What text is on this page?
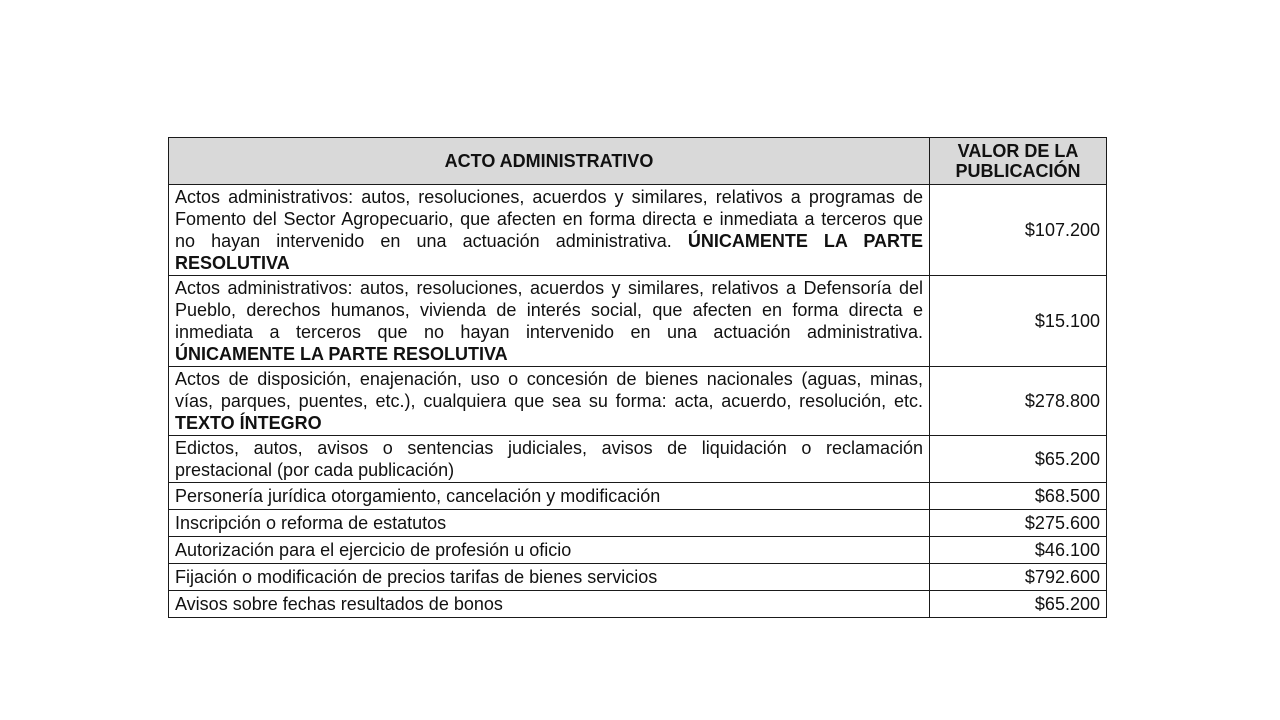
ACTO ADMINISTRATIVO	VALOR DE LA
PUBLICACIÓN
Actos administrativos: autos, resoluciones, acuerdos y similares, relativos a programas de Fomento del Sector Agropecuario, que afecten en forma directa e inmediata a terceros que no hayan intervenido en una actuación administrativa. ÚNICAMENTE LA PARTE RESOLUTIVA	$107.200
Actos administrativos: autos, resoluciones, acuerdos y similares, relativos a Defensoría del Pueblo, derechos humanos, vivienda de interés social, que afecten en forma directa e inmediata a terceros que no hayan intervenido en una actuación administrativa. ÚNICAMENTE LA PARTE RESOLUTIVA	$15.100
Actos de disposición, enajenación, uso o concesión de bienes nacionales (aguas, minas, vías, parques, puentes, etc.), cualquiera que sea su forma: acta, acuerdo, resolución, etc. TEXTO ÍNTEGRO	$278.800
Edictos, autos, avisos o sentencias judiciales, avisos de liquidación o reclamación prestacional (por cada publicación)	$65.200
Personería jurídica otorgamiento, cancelación y modificación	$68.500
Inscripción o reforma de estatutos	$275.600
Autorización para el ejercicio de profesión u oficio	$46.100
Fijación o modificación de precios tarifas de bienes servicios	$792.600
Avisos sobre fechas resultados de bonos	$65.200
